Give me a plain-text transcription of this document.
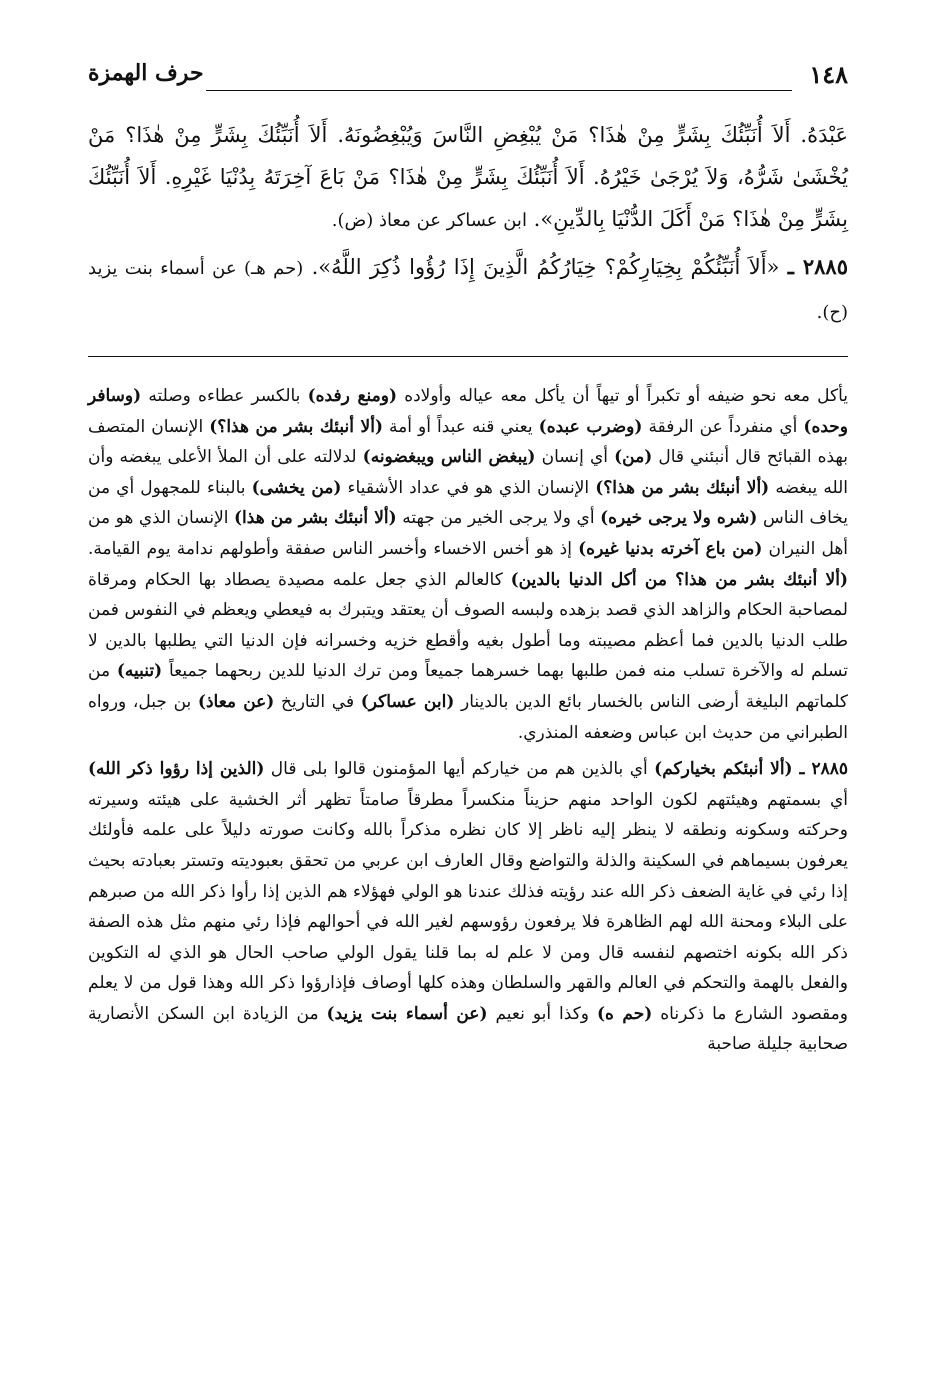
١٤٨
حرف الهمزة

عَبْدَهُ. أَلاَ أُنَبِّئُكَ بِشَرٍّ مِنْ هٰذَا؟ مَنْ يُبْغِضِ النَّاسَ وَيُبْغِضُونَهُ. أَلاَ أُنَبِّئُكَ بِشَرٍّ مِنْ هٰذَا؟ مَنْ يُخْشَىٰ شَرُّهُ، وَلاَ يُرْجَىٰ خَيْرُهُ. أَلاَ أُنَبِّئُكَ بِشَرٍّ مِنْ هٰذَا؟ مَنْ بَاعَ آخِرَتَهُ بِدُنْيَا غَيْرِهِ. أَلاَ أُنَبِّئُكَ بِشَرٍّ مِنْ هٰذَا؟ مَنْ أَكَلَ الدُّنْيَا بِالدِّينِ». ابن عساكر عن معاذ (ض).

٢٨٨٥ ـ «أَلاَ أُنَبِّئُكُمْ بِخِيَارِكُمْ؟ خِيَارُكُمُ الَّذِينَ إِذَا رُؤُوا ذُكِرَ اللَّهُ». (حم هـ) عن أسماء بنت يزيد (ح).

يأكل معه نحو ضيفه أو تكبراً أو تيهاً أن يأكل معه عياله وأولاده (ومنع رفده) بالكسر عطاءه وصلته (وسافر وحده) أي منفرداً عن الرفقة (وضرب عبده) يعني قنه عبداً أو أمة (ألا أنبئك بشر من هذا؟) الإنسان المتصف بهذه القبائح قال أنبئني قال (من) أي إنسان (يبغض الناس ويبغضونه) لدلالته على أن الملأ الأعلى يبغضه وأن الله يبغضه (ألا أنبئك بشر من هذا؟) الإنسان الذي هو في عداد الأشقياء (من يخشى) بالبناء للمجهول أي من يخاف الناس (شره ولا يرجى خيره) أي ولا يرجى الخير من جهته (ألا أنبئك بشر من هذا) الإنسان الذي هو من أهل النيران (من باع آخرته بدنيا غيره) إذ هو أخس الاخساء وأخسر الناس صفقة وأطولهم ندامة يوم القيامة. (ألا أنبئك بشر من هذا؟ من أكل الدنيا بالدين) كالعالم الذي جعل علمه مصيدة يصطاد بها الحكام ومرقاة لمصاحبة الحكام والزاهد الذي قصد بزهده ولبسه الصوف أن يعتقد ويتبرك به فيعطي ويعظم في النفوس فمن طلب الدنيا بالدين فما أعظم مصيبته وما أطول بغيه وأقطع خزيه وخسرانه فإن الدنيا التي يطلبها بالدين لا تسلم له والآخرة تسلب منه فمن طلبها بهما خسرهما جميعاً ومن ترك الدنيا للدين ربحهما جميعاً (تنبيه) من كلماتهم البليغة أرضى الناس بالخسار بائع الدين بالدينار (ابن عساكر) في التاريخ (عن معاذ) بن جبل، ورواه الطبراني من حديث ابن عباس وضعفه المنذري.

٢٨٨٥ ـ (ألا أنبئكم بخياركم) أي بالذين هم من خياركم أيها المؤمنون قالوا بلى قال (الذين إذا رؤوا ذكر الله) أي بسمتهم وهيئتهم لكون الواحد منهم حزيناً منكسراً مطرقاً صامتاً تظهر أثر الخشية على هيئته وسيرته وحركته وسكونه ونطقه لا ينظر إليه ناظر إلا كان نظره مذكراً بالله وكانت صورته دليلاً على علمه فأولئك يعرفون بسيماهم في السكينة والذلة والتواضع وقال العارف ابن عربي من تحقق بعبوديته وتستر بعبادته بحيث إذا رئي في غاية الضعف ذكر الله عند رؤيته فذلك عندنا هو الولي فهؤلاء هم الذين إذا رأوا ذكر الله من صبرهم على البلاء ومحنة الله لهم الظاهرة فلا يرفعون رؤوسهم لغير الله في أحوالهم فإذا رئي منهم مثل هذه الصفة ذكر الله بكونه اختصهم لنفسه قال ومن لا علم له بما قلنا يقول الولي صاحب الحال هو الذي له التكوين والفعل بالهمة والتحكم في العالم والقهر والسلطان وهذه كلها أوصاف فإذارؤوا ذكر الله وهذا قول من لا يعلم ومقصود الشارع ما ذكرناه (حم ه) وكذا أبو نعيم (عن أسماء بنت يزيد) من الزيادة ابن السكن الأنصارية صحابية جليلة صاحبة
